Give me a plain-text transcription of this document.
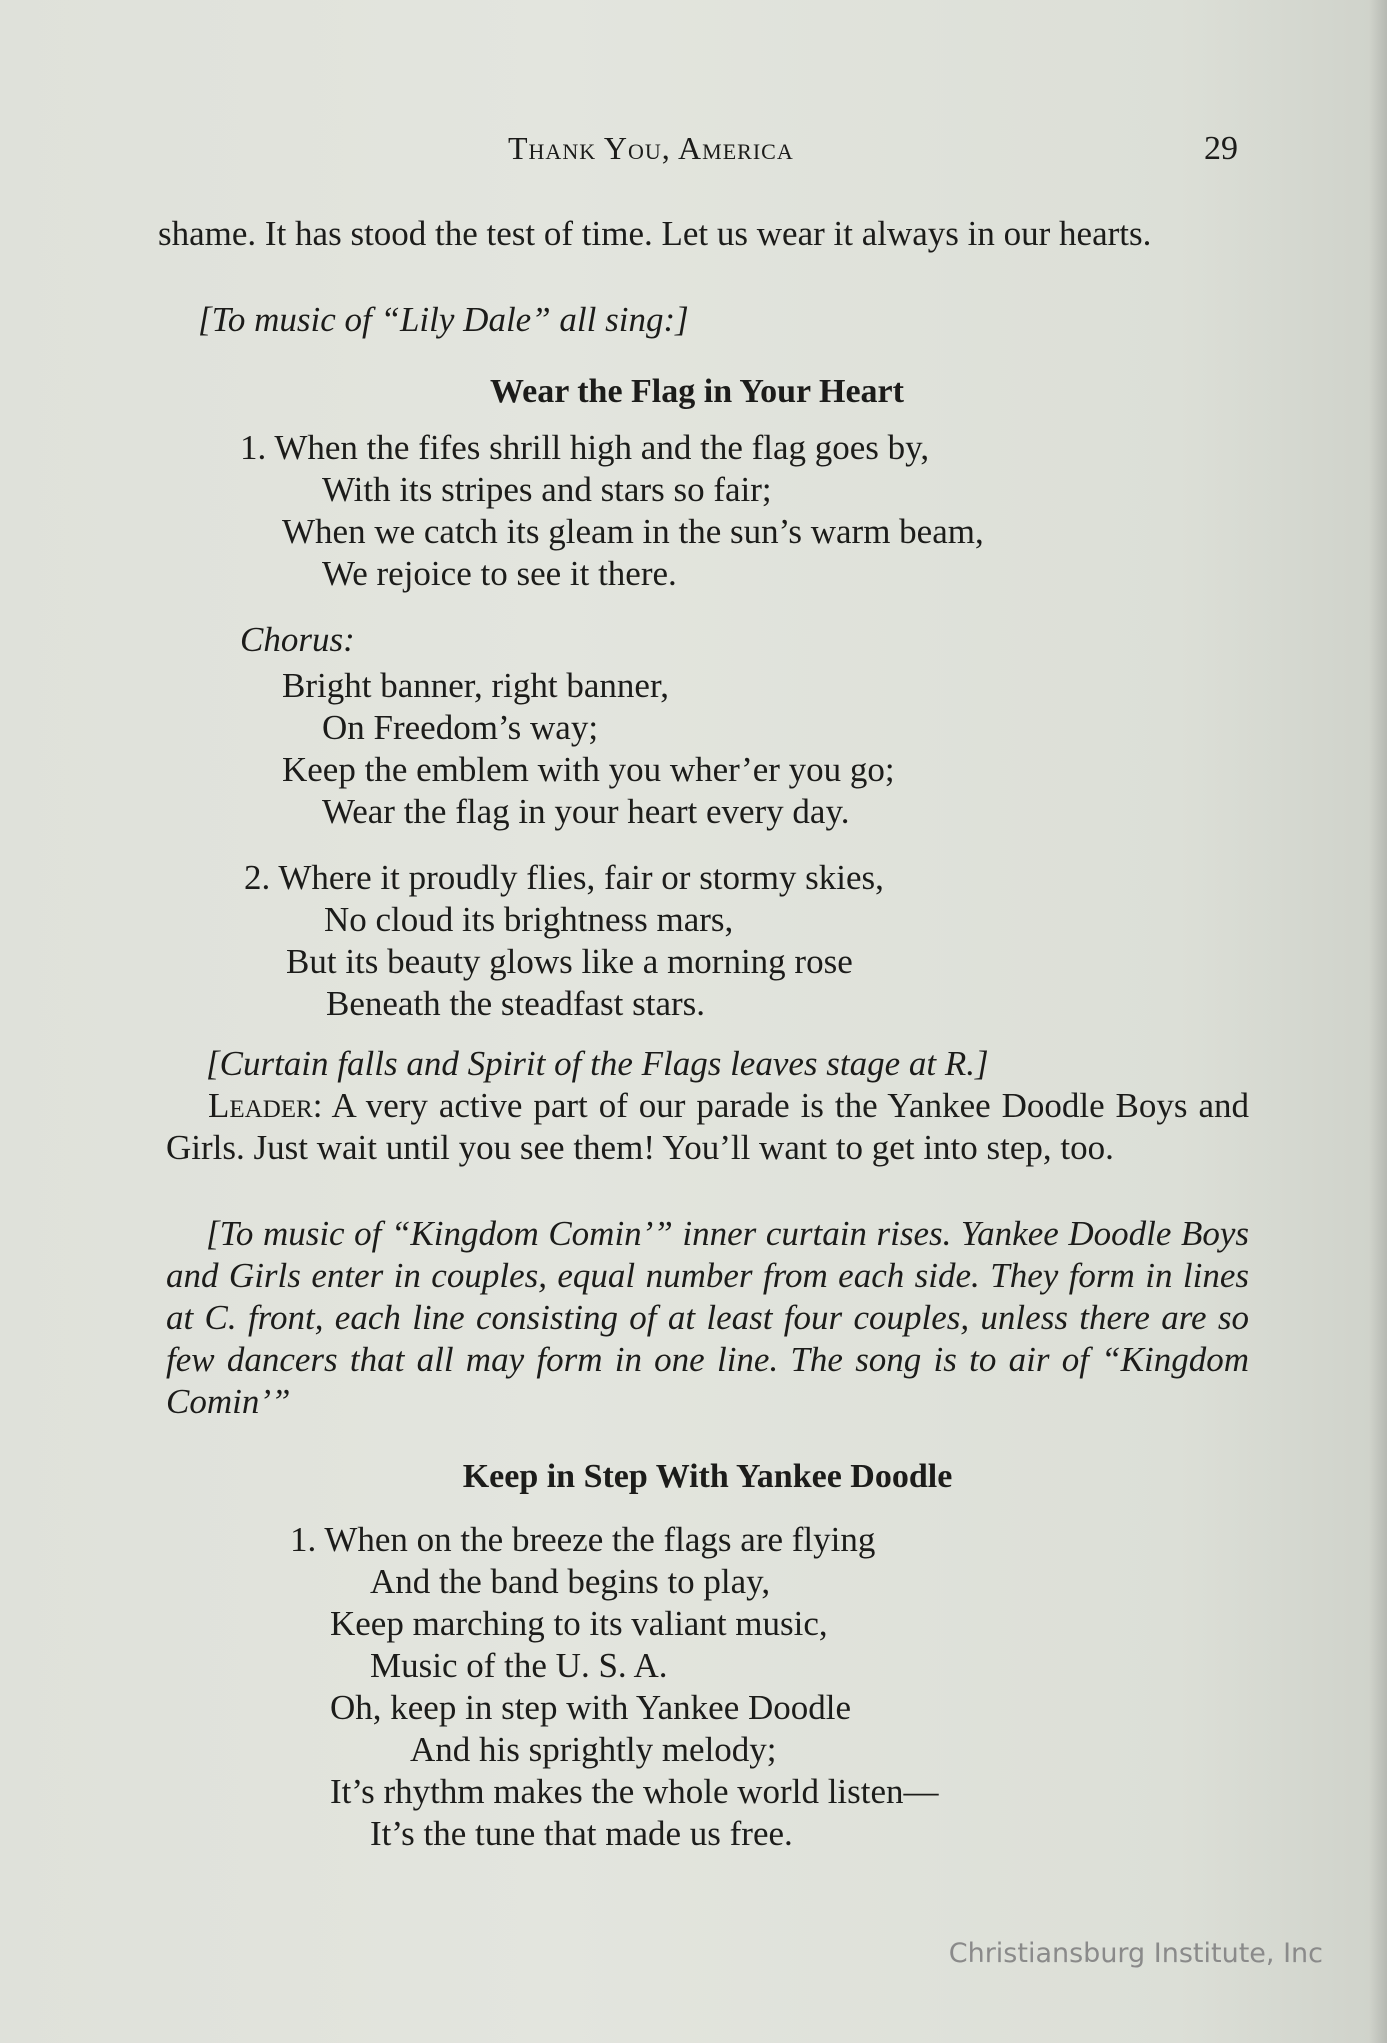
Thank You, America	29

shame. It has stood the test of time. Let us wear it always in our hearts.

[To music of “Lily Dale” all sing:]

Wear the Flag in Your Heart

1. When the fifes shrill high and the flag goes by,

With its stripes and stars so fair;

When we catch its gleam in the sun’s warm beam,

We rejoice to see it there.

Chorus:

Bright banner, right banner,

On Freedom’s way;

Keep the emblem with you wher’er you go;

Wear the flag in your heart every day.

2. Where it proudly flies, fair or stormy skies,

No cloud its brightness mars,

But its beauty glows like a morning rose

Beneath the steadfast stars.

[Curtain falls and Spirit of the Flags leaves stage at R.]

Leader: A very active part of our parade is the Yankee Doodle Boys and Girls. Just wait until you see them! You’ll want to get into step, too.

[To music of “Kingdom Comin’” inner curtain rises. Yankee Doodle Boys and Girls enter in couples, equal number from each side. They form in lines at C. front, each line consisting of at least four couples, unless there are so few dancers that all may form in one line. The song is to air of “Kingdom Comin’”

Keep in Step With Yankee Doodle

1. When on the breeze the flags are flying

And the band begins to play,

Keep marching to its valiant music,

Music of the U. S. A.

Oh, keep in step with Yankee Doodle

And his sprightly melody;

It’s rhythm makes the whole world listen—

It’s the tune that made us free.

Christiansburg Institute, Inc
